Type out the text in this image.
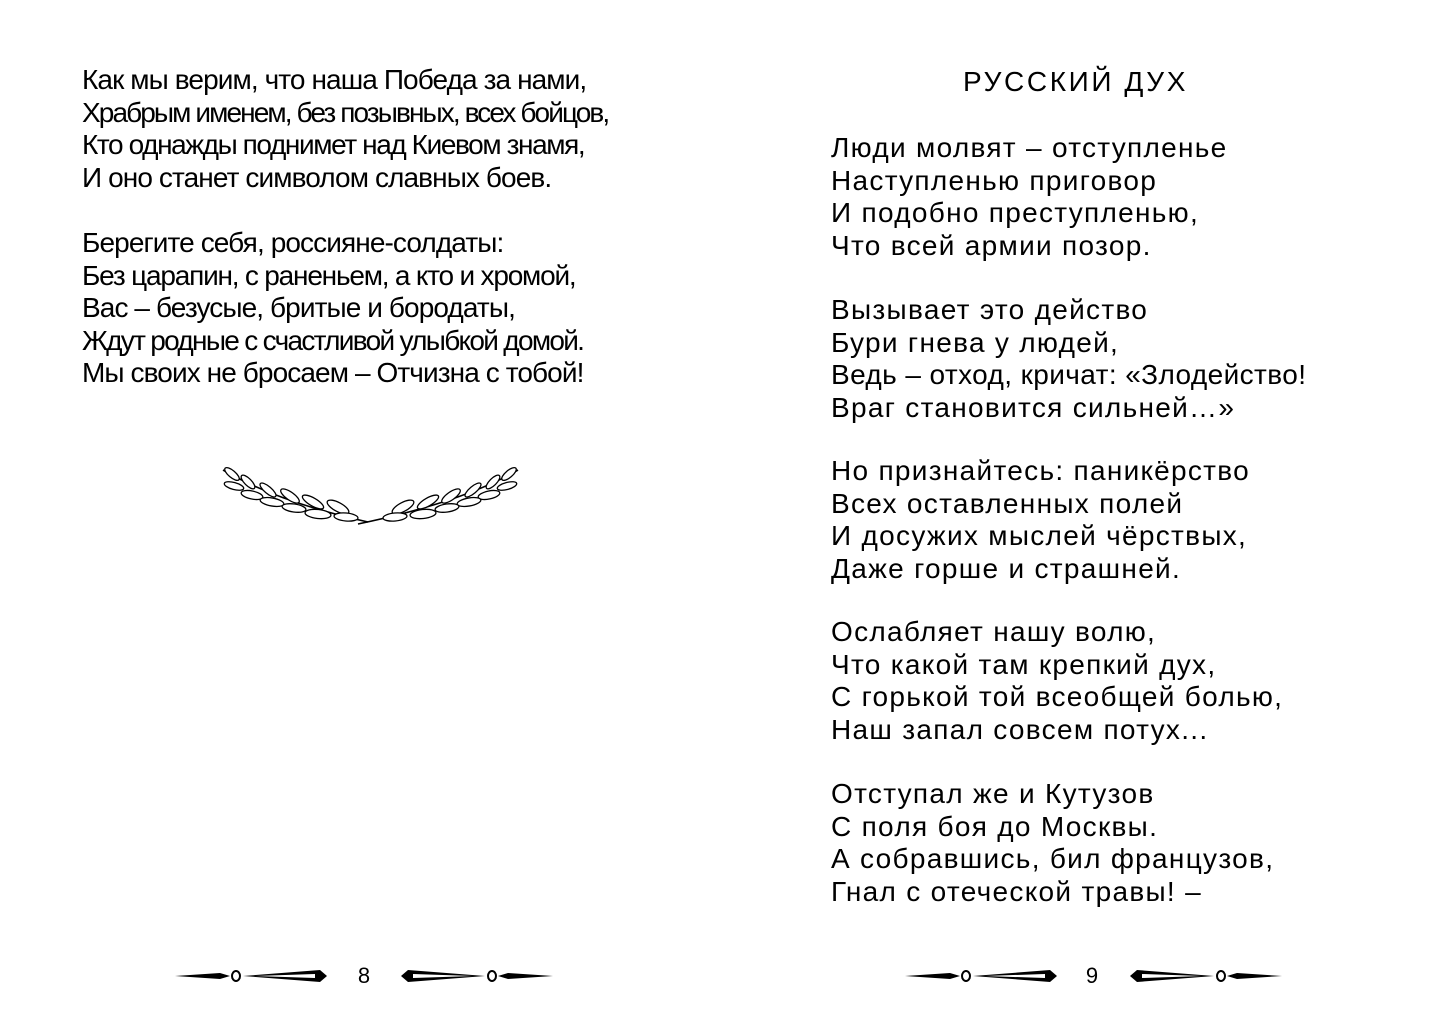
Как мы верим, что наша Победа за нами,
Храбрым именем, без позывных, всех бойцов,
Кто однажды поднимет над Киевом знамя,
И оно станет символом славных боев.
Берегите себя, россияне-солдаты:
Без царапин, с раненьем, а кто и хромой,
Вас – безусые, бритые и бородаты,
Ждут родные с счастливой улыбкой домой.
Мы своих не бросаем – Отчизна с тобой!
8
РУССКИЙ ДУХ
Люди молвят – отступленье
Наступленью приговор
И подобно преступленью,
Что всей армии позор.
Вызывает это действо
Бури гнева у людей,
Ведь – отход, кричат: «Злодейство!
Враг становится сильней…»
Но признайтесь: паникёрство
Всех оставленных полей
И досужих мыслей чёрствых,
Даже горше и страшней.
Ослабляет нашу волю,
Что какой там крепкий дух,
С горькой той всеобщей болью,
Наш запал совсем потух...
Отступал же и Кутузов
С поля боя до Москвы.
А собравшись, бил французов,
Гнал с отеческой травы! –
9
